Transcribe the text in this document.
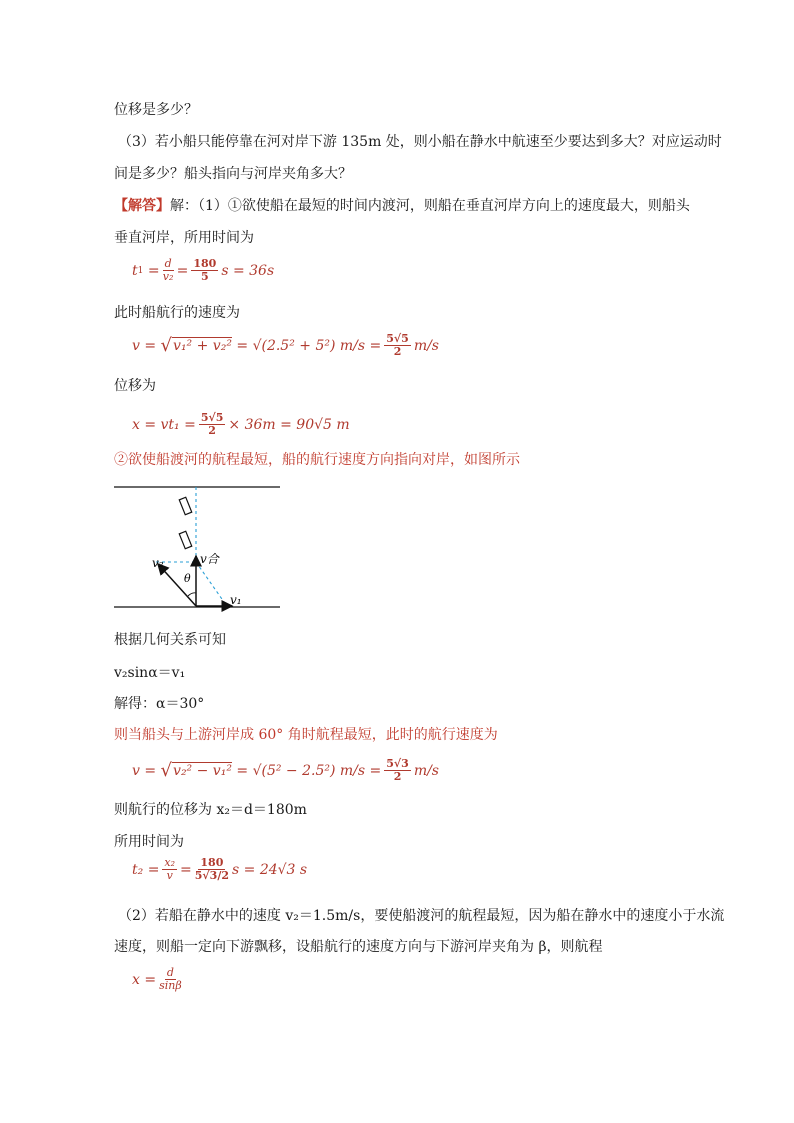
位移是多少？
（3）若小船只能停靠在河对岸下游 135m 处，则小船在静水中航速至少要达到多大？对应运动时
间是多少？船头指向与河岸夹角多大？
【解答】解：（1）①欲使船在最短的时间内渡河，则船在垂直河岸方向上的速度最大，则船头
垂直河岸，所用时间为
t $1 = \frac{d}{\text{v₂}} = \frac{180}{5}$ s = 36s
此时船航行的速度为
v =
√ v₁² + v₂²
= √(2.5² + 5²) $m/s = \frac{5√5}{2} m/s$
位移为
$x = vt_1 = \frac{5√5}{2} \times 36m = 90√5$ m
②欲使船渡河的航程最短，船的航行速度方向指向对岸，如图所示
v₂	v合
θ
v₁
根据几何关系可知
v₂sinα＝v₁
解得：α＝30°
则当船头与上游河岸成 60° 角时航程最短，此时的航行速度为
v =
√ v₂² − v₁²
= √(5² − 2.5²) $m/s = \frac{5√3}{2} m/s$
则航行的位移为 x₂＝d＝180m
所用时间为
$t_2 = \frac{\text{x₂}}{v} = \frac{180}{5√3/2}$ s = 24√3 s
（2）若船在静水中的速度 v₂＝1.5m/s，要使船渡河的航程最短，因为船在静水中的速度小于水流
速度，则船一定向下游飘移，设船航行的速度方向与下游河岸夹角为 β，则航程
$x = \frac{d}{\sin\beta}$
